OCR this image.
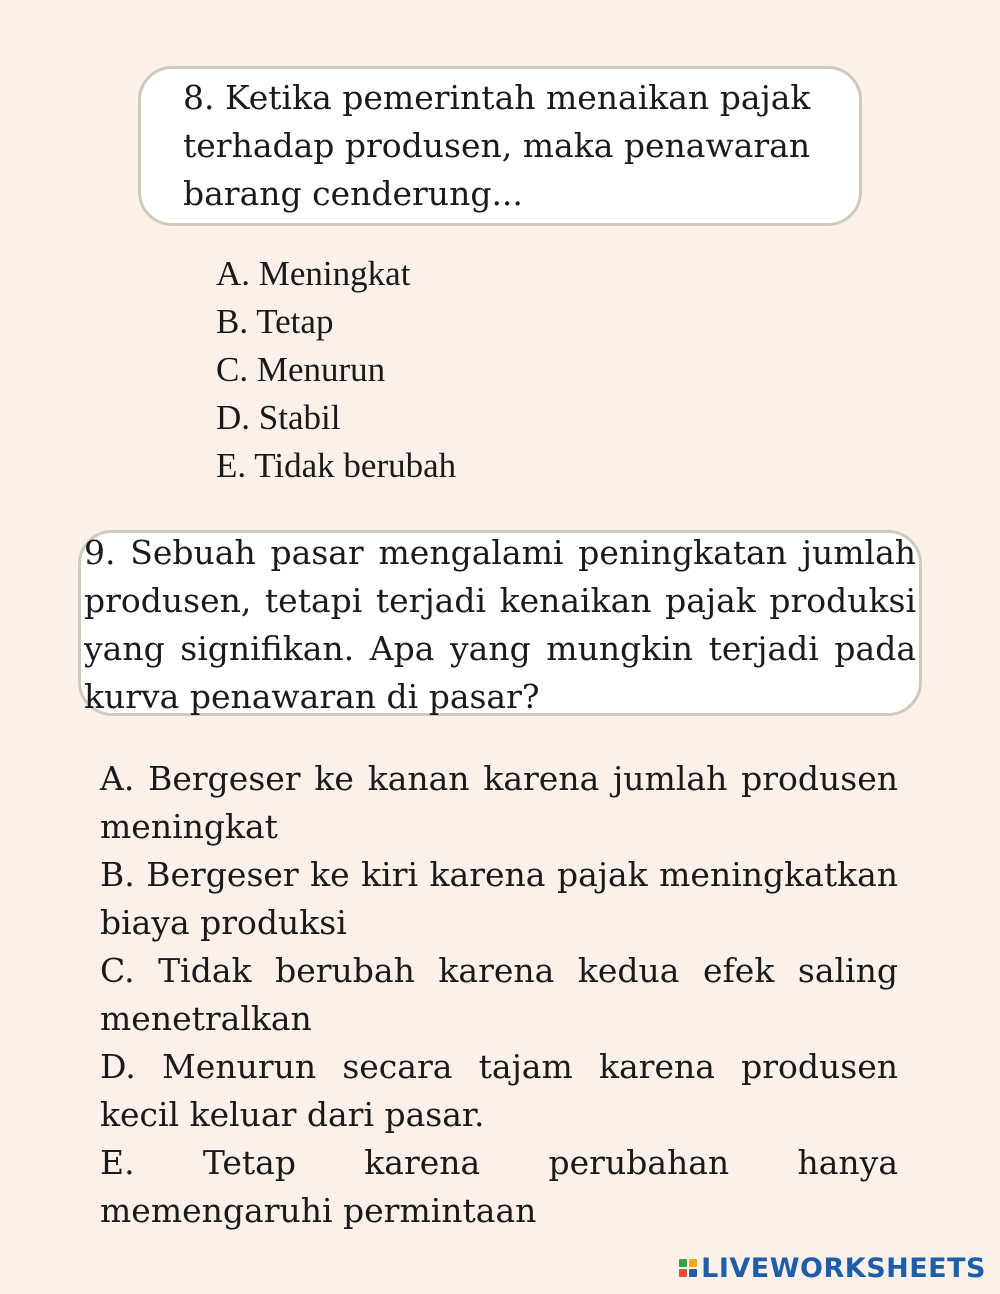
8. Ketika pemerintah menaikan pajak terhadap produsen, maka penawaran barang cenderung...
A. Meningkat
B. Tetap
C. Menurun
D. Stabil
E. Tidak berubah
9. Sebuah pasar mengalami peningkatan jumlah produsen, tetapi terjadi kenaikan pajak produksi yang signifikan. Apa yang mungkin terjadi pada kurva penawaran di pasar?
A. Bergeser ke kanan karena jumlah produsen meningkat
B. Bergeser ke kiri karena pajak meningkatkan biaya produksi
C. Tidak berubah karena kedua efek saling menetralkan
D. Menurun secara tajam karena produsen kecil keluar dari pasar.
E. Tetap karena perubahan hanya memengaruhi permintaan
LIVEWORKSHEETS
